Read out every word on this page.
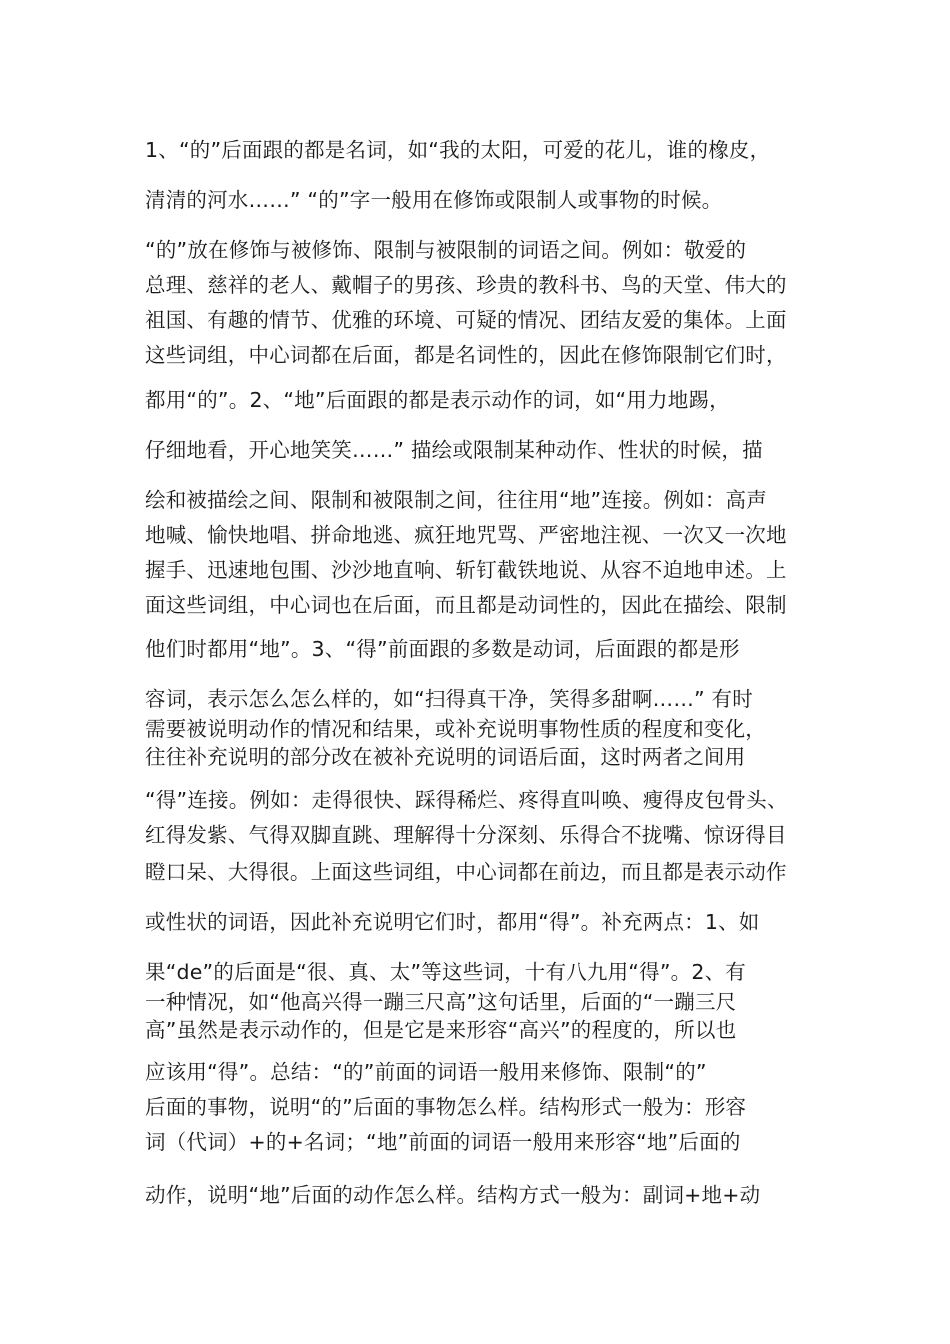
1、“的”后面跟的都是名词，如“我的太阳，可爱的花儿，谁的橡皮，
清清的河水……” “的”字一般用在修饰或限制人或事物的时候。
“的”放在修饰与被修饰、限制与被限制的词语之间。例如：敬爱的
总理、慈祥的老人、戴帽子的男孩、珍贵的教科书、鸟的天堂、伟大的
祖国、有趣的情节、优雅的环境、可疑的情况、团结友爱的集体。上面
这些词组，中心词都在后面，都是名词性的，因此在修饰限制它们时，
都用“的”。2、“地”后面跟的都是表示动作的词，如“用力地踢，
仔细地看，开心地笑笑……” 描绘或限制某种动作、性状的时候，描
绘和被描绘之间、限制和被限制之间，往往用“地”连接。例如：高声
地喊、愉快地唱、拼命地逃、疯狂地咒骂、严密地注视、一次又一次地
握手、迅速地包围、沙沙地直响、斩钉截铁地说、从容不迫地申述。上
面这些词组，中心词也在后面，而且都是动词性的，因此在描绘、限制
他们时都用“地”。3、“得”前面跟的多数是动词，后面跟的都是形
容词，表示怎么怎么样的，如“扫得真干净，笑得多甜啊……” 有时
需要被说明动作的情况和结果，或补充说明事物性质的程度和变化，
往往补充说明的部分改在被补充说明的词语后面，这时两者之间用
“得”连接。例如：走得很快、踩得稀烂、疼得直叫唤、瘦得皮包骨头、
红得发紫、气得双脚直跳、理解得十分深刻、乐得合不拢嘴、惊讶得目
瞪口呆、大得很。上面这些词组，中心词都在前边，而且都是表示动作
或性状的词语，因此补充说明它们时，都用“得”。补充两点：1、如
果“de”的后面是“很、真、太”等这些词，十有八九用“得”。2、有
一种情况，如“他高兴得一蹦三尺高”这句话里，后面的“一蹦三尺
高”虽然是表示动作的，但是它是来形容“高兴”的程度的，所以也
应该用“得”。总结：“的”前面的词语一般用来修饰、限制“的”
后面的事物，说明“的”后面的事物怎么样。结构形式一般为：形容
词（代词）+的+名词；“地”前面的词语一般用来形容“地”后面的
动作，说明“地”后面的动作怎么样。结构方式一般为：副词+地+动
